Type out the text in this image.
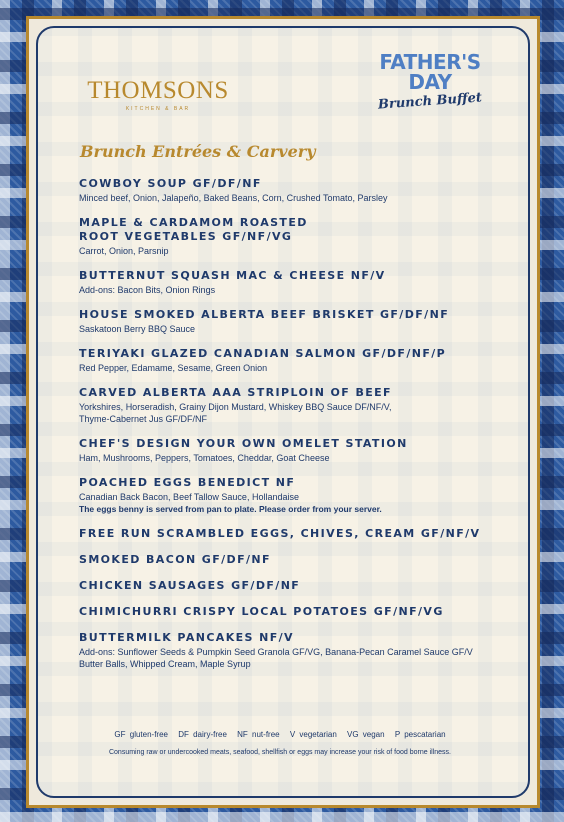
THOMSONS
KITCHEN & BAR
FATHER'S
DAY
Brunch Buffet
Brunch Entrées & Carvery
COWBOY SOUP GF/DF/NF
Minced beef, Onion, Jalapeño, Baked Beans, Corn, Crushed Tomato, Parsley
MAPLE & CARDAMOM ROASTED
ROOT VEGETABLES GF/NF/VG
Carrot, Onion, Parsnip
BUTTERNUT SQUASH MAC & CHEESE NF/V
Add-ons: Bacon Bits, Onion Rings
HOUSE SMOKED ALBERTA BEEF BRISKET GF/DF/NF
Saskatoon Berry BBQ Sauce
TERIYAKI GLAZED CANADIAN SALMON GF/DF/NF/P
Red Pepper, Edamame, Sesame, Green Onion
CARVED ALBERTA AAA STRIPLOIN OF BEEF
Yorkshires, Horseradish, Grainy Dijon Mustard, Whiskey BBQ Sauce DF/NF/V,
Thyme-Cabernet Jus GF/DF/NF
CHEF'S DESIGN YOUR OWN OMELET STATION
Ham, Mushrooms, Peppers, Tomatoes, Cheddar, Goat Cheese
POACHED EGGS BENEDICT NF
Canadian Back Bacon, Beef Tallow Sauce, Hollandaise
The eggs benny is served from pan to plate. Please order from your server.
FREE RUN SCRAMBLED EGGS, CHIVES, CREAM GF/NF/V
SMOKED BACON GF/DF/NF
CHICKEN SAUSAGES GF/DF/NF
CHIMICHURRI CRISPY LOCAL POTATOES GF/NF/VG
BUTTERMILK PANCAKES NF/V
Add-ons: Sunflower Seeds & Pumpkin Seed Granola GF/VG, Banana-Pecan Caramel Sauce GF/V
Butter Balls, Whipped Cream, Maple Syrup
GF gluten-free DF dairy-free NF nut-free V vegetarian VG vegan P pescatarian
Consuming raw or undercooked meats, seafood, shellfish or eggs may increase your risk of food borne illness.
